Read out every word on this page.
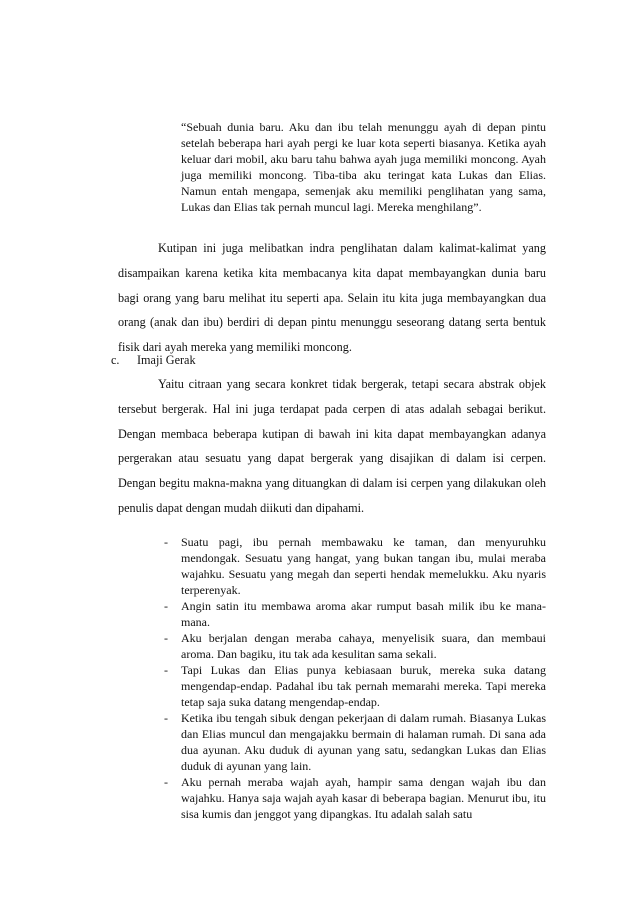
“Sebuah dunia baru. Aku dan ibu telah menunggu ayah di depan pintu setelah beberapa hari ayah pergi ke luar kota seperti biasanya. Ketika ayah keluar dari mobil, aku baru tahu bahwa ayah juga memiliki moncong. Ayah juga memiliki moncong. Tiba-tiba aku teringat kata Lukas dan Elias. Namun entah mengapa, semenjak aku memiliki penglihatan yang sama, Lukas dan Elias tak pernah muncul lagi. Mereka menghilang”.

Kutipan ini juga melibatkan indra penglihatan dalam kalimat-kalimat yang disampaikan karena ketika kita membacanya kita dapat membayangkan dunia baru bagi orang yang baru melihat itu seperti apa. Selain itu kita juga membayangkan dua orang (anak dan ibu) berdiri di depan pintu menunggu seseorang datang serta bentuk fisik dari ayah mereka yang memiliki moncong.

c. Imaji Gerak

Yaitu citraan yang secara konkret tidak bergerak, tetapi secara abstrak objek tersebut bergerak. Hal ini juga terdapat pada cerpen di atas adalah sebagai berikut. Dengan membaca beberapa kutipan di bawah ini kita dapat membayangkan adanya pergerakan atau sesuatu yang dapat bergerak yang disajikan di dalam isi cerpen. Dengan begitu makna-makna yang dituangkan di dalam isi cerpen yang dilakukan oleh penulis dapat dengan mudah diikuti dan dipahami.

-	Suatu pagi, ibu pernah membawaku ke taman, dan menyuruhku mendongak. Sesuatu yang hangat, yang bukan tangan ibu, mulai meraba wajahku. Sesuatu yang megah dan seperti hendak memelukku. Aku nyaris terperenyak.
-	Angin satin itu membawa aroma akar rumput basah milik ibu ke mana-mana.
-	Aku berjalan dengan meraba cahaya, menyelisik suara, dan membaui aroma. Dan bagiku, itu tak ada kesulitan sama sekali.
-	Tapi Lukas dan Elias punya kebiasaan buruk, mereka suka datang mengendap-endap. Padahal ibu tak pernah memarahi mereka. Tapi mereka tetap saja suka datang mengendap-endap.
-	Ketika ibu tengah sibuk dengan pekerjaan di dalam rumah. Biasanya Lukas dan Elias muncul dan mengajakku bermain di halaman rumah. Di sana ada dua ayunan. Aku duduk di ayunan yang satu, sedangkan Lukas dan Elias duduk di ayunan yang lain.
-	Aku pernah meraba wajah ayah, hampir sama dengan wajah ibu dan wajahku. Hanya saja wajah ayah kasar di beberapa bagian. Menurut ibu, itu sisa kumis dan jenggot yang dipangkas. Itu adalah salah satu
